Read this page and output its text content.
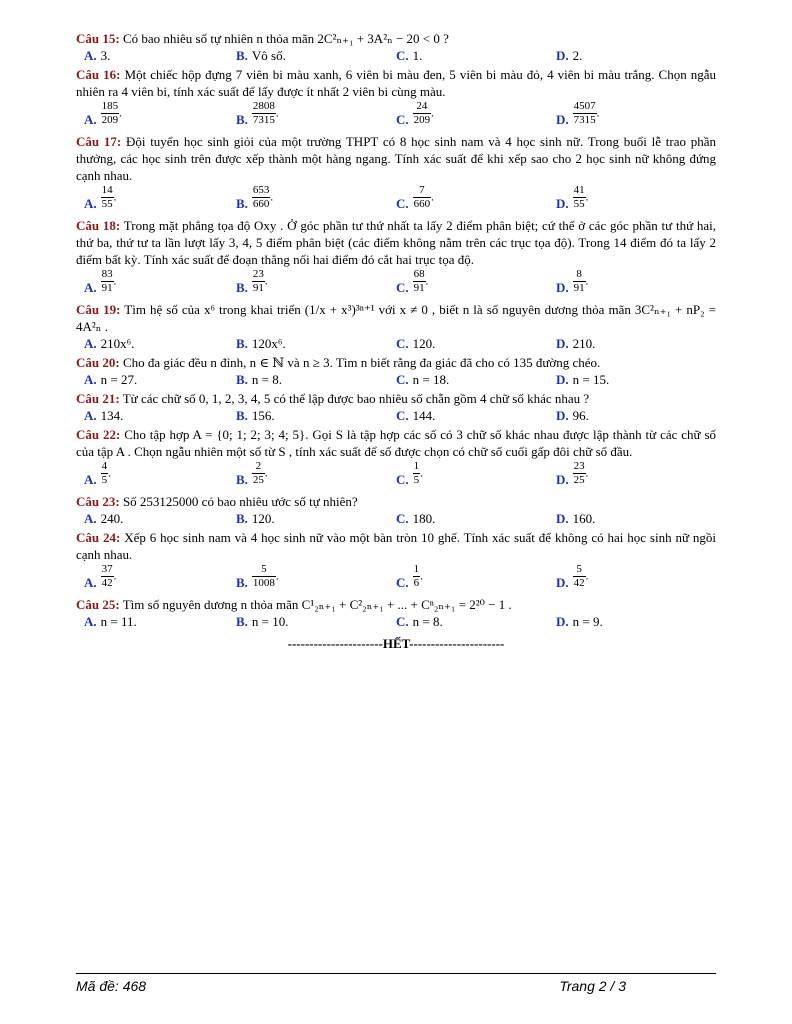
Câu 15: Có bao nhiêu số tự nhiên n thỏa mãn 2C²ₙ₊₁ + 3A²ₙ − 20 < 0 ?
A. 3.	B. Vô số.	C. 1.	D. 2.
Câu 16: Một chiếc hộp đựng 7 viên bi màu xanh, 6 viên bi màu đen, 5 viên bi màu đỏ, 4 viên bi màu trắng. Chọn ngẫu nhiên ra 4 viên bi, tính xác suất để lấy được ít nhất 2 viên bi cùng màu.
A. $\frac{185}{209}$ .	B. $\frac{2808}{7315}$ .	C. $\frac{24}{209}$ .	D. $\frac{4507}{7315}$ .
Câu 17: Đội tuyển học sinh giỏi của một trường THPT có 8 học sinh nam và 4 học sinh nữ. Trong buổi lễ trao phần thưởng, các học sinh trên được xếp thành một hàng ngang. Tính xác suất để khi xếp sao cho 2 học sinh nữ không đứng cạnh nhau.
A. $\frac{14}{55}$ .	B. $\frac{653}{660}$ .	C. $\frac{7}{660}$ .	D. $\frac{41}{55}$ .
Câu 18: Trong mặt phẳng tọa độ Oxy . Ở góc phần tư thứ nhất ta lấy 2 điểm phân biệt; cứ thế ở các góc phần tư thứ hai, thứ ba, thứ tư ta lần lượt lấy 3, 4, 5 điểm phân biệt (các điểm không nằm trên các trục tọa độ). Trong 14 điểm đó ta lấy 2 điểm bất kỳ. Tính xác suất để đoạn thẳng nối hai điểm đó cắt hai trục tọa độ.
A. $\frac{83}{91}$ .	B. $\frac{23}{91}$ .	C. $\frac{68}{91}$ .	D. $\frac{8}{91}$ .
Câu 19: Tìm hệ số của x⁶ trong khai triển (1/x + x³)³ⁿ⁺¹ với x ≠ 0 , biết n là số nguyên dương thỏa mãn 3C²ₙ₊₁ + nP₂ = 4A²ₙ .
A. 210x⁶.	B. 120x⁶.	C. 120.	D. 210.
Câu 20: Cho đa giác đều n đỉnh, n ∈ ℕ và n ≥ 3. Tìm n biết rằng đa giác đã cho có 135 đường chéo.
A. n = 27.	B. n = 8.	C. n = 18.	D. n = 15.
Câu 21: Từ các chữ số 0, 1, 2, 3, 4, 5 có thể lập được bao nhiêu số chẵn gồm 4 chữ số khác nhau ?
A. 134.	B. 156.	C. 144.	D. 96.
Câu 22: Cho tập hợp A = {0; 1; 2; 3; 4; 5}. Gọi S là tập hợp các số có 3 chữ số khác nhau được lập thành từ các chữ số của tập A . Chọn ngẫu nhiên một số từ S , tính xác suất để số được chọn có chữ số cuối gấp đôi chữ số đầu.
A. $\frac{4}{5}$ .	B. $\frac{2}{25}$ .	C. $\frac{1}{5}$ .	D. $\frac{23}{25}$ .
Câu 23: Số 253125000 có bao nhiêu ước số tự nhiên?
A. 240.	B. 120.	C. 180.	D. 160.
Câu 24: Xếp 6 học sinh nam và 4 học sinh nữ vào một bàn tròn 10 ghế. Tính xác suất để không có hai học sinh nữ ngồi cạnh nhau.
A. $\frac{37}{42}$ .	B. $\frac{5}{1008}$ .	C. $\frac{1}{6}$ .	D. $\frac{5}{42}$ .
Câu 25: Tìm số nguyên dương n thỏa mãn C¹₂ₙ₊₁ + C²₂ₙ₊₁ + ... + Cⁿ₂ₙ₊₁ = 2²⁰ − 1 .
A. n = 11.	B. n = 10.	C. n = 8.	D. n = 9.
----------------------HẾT----------------------
Mã đề: 468	Trang 2 / 3
